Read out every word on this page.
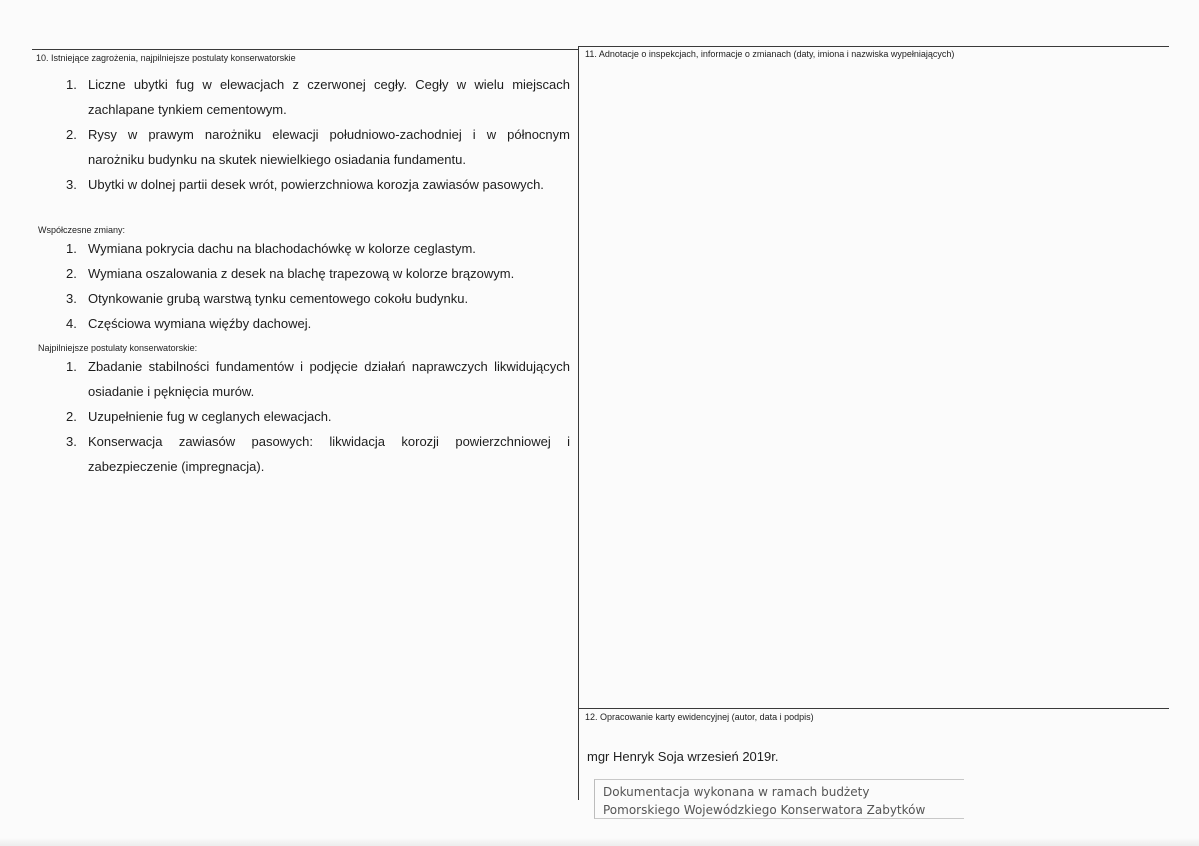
10. Istniejące zagrożenia, najpilniejsze postulaty konserwatorskie
1. Liczne ubytki fug w elewacjach z czerwonej cegły. Cegły w wielu miejscach zachlapane tynkiem cementowym.
2. Rysy w prawym narożniku elewacji południowo-zachodniej i w północnym narożniku budynku na skutek niewielkiego osiadania fundamentu.
3. Ubytki w dolnej partii desek wrót, powierzchniowa korozja zawiasów pasowych.
Współczesne zmiany:
1. Wymiana pokrycia dachu na blachodachówkę w kolorze ceglastym.
2. Wymiana oszalowania z desek na blachę trapezową w kolorze brązowym.
3. Otynkowanie grubą warstwą tynku cementowego cokołu budynku.
4. Częściowa wymiana więźby dachowej.
Najpilniejsze postulaty konserwatorskie:
1. Zbadanie stabilności fundamentów i podjęcie działań naprawczych likwidujących osiadanie i pęknięcia murów.
2. Uzupełnienie fug w ceglanych elewacjach.
3. Konserwacja zawiasów pasowych: likwidacja korozji powierzchniowej i zabezpieczenie (impregnacja).
11. Adnotacje o inspekcjach, informacje o zmianach (daty, imiona i nazwiska wypełniających)
12. Opracowanie karty ewidencyjnej (autor, data i podpis)
mgr Henryk Soja wrzesień 2019r.
Dokumentacja wykonana w ramach budżety
Pomorskiego Wojewódzkiego Konserwatora Zabytków
